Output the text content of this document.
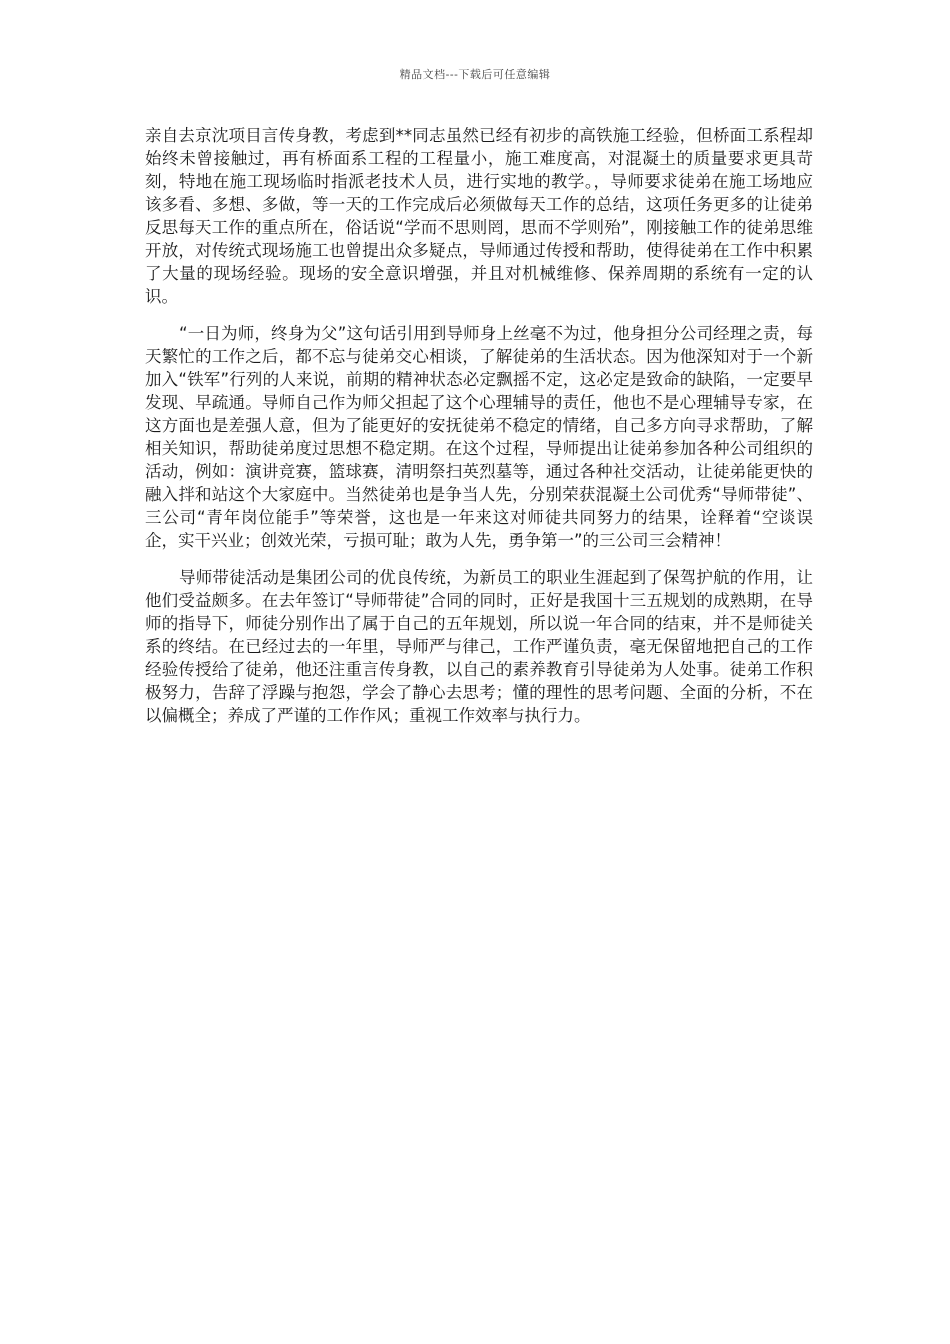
精品文档---下载后可任意编辑

亲自去京沈项目言传身教，考虑到**同志虽然已经有初步的高铁施工经验，但桥面工系程却始终未曾接触过，再有桥面系工程的工程量小，施工难度高，对混凝土的质量要求更具苛刻，特地在施工现场临时指派老技术人员，进行实地的教学。，导师要求徒弟在施工场地应该多看、多想、多做，等一天的工作完成后必须做每天工作的总结，这项任务更多的让徒弟反思每天工作的重点所在，俗话说“学而不思则罔，思而不学则殆”，刚接触工作的徒弟思维开放，对传统式现场施工也曾提出众多疑点，导师通过传授和帮助，使得徒弟在工作中积累了大量的现场经验。现场的安全意识增强，并且对机械维修、保养周期的系统有一定的认识。

“一日为师，终身为父”这句话引用到导师身上丝毫不为过，他身担分公司经理之责，每天繁忙的工作之后，都不忘与徒弟交心相谈，了解徒弟的生活状态。因为他深知对于一个新加入“铁军”行列的人来说，前期的精神状态必定飘摇不定，这必定是致命的缺陷，一定要早发现、早疏通。导师自己作为师父担起了这个心理辅导的责任，他也不是心理辅导专家，在这方面也是差强人意，但为了能更好的安抚徒弟不稳定的情绪，自己多方向寻求帮助，了解相关知识，帮助徒弟度过思想不稳定期。在这个过程，导师提出让徒弟参加各种公司组织的活动，例如：演讲竞赛，篮球赛，清明祭扫英烈墓等，通过各种社交活动，让徒弟能更快的融入拌和站这个大家庭中。当然徒弟也是争当人先，分别荣获混凝土公司优秀“导师带徒”、三公司“青年岗位能手”等荣誉，这也是一年来这对师徒共同努力的结果，诠释着“空谈误企，实干兴业；创效光荣，亏损可耻；敢为人先，勇争第一”的三公司三会精神！

导师带徒活动是集团公司的优良传统，为新员工的职业生涯起到了保驾护航的作用，让他们受益颇多。在去年签订“导师带徒”合同的同时，正好是我国十三五规划的成熟期，在导师的指导下，师徒分别作出了属于自己的五年规划，所以说一年合同的结束，并不是师徒关系的终结。在已经过去的一年里，导师严与律己，工作严谨负责，毫无保留地把自己的工作经验传授给了徒弟，他还注重言传身教，以自己的素养教育引导徒弟为人处事。徒弟工作积极努力，告辞了浮躁与抱怨，学会了静心去思考；懂的理性的思考问题、全面的分析，不在以偏概全；养成了严谨的工作作风；重视工作效率与执行力。
